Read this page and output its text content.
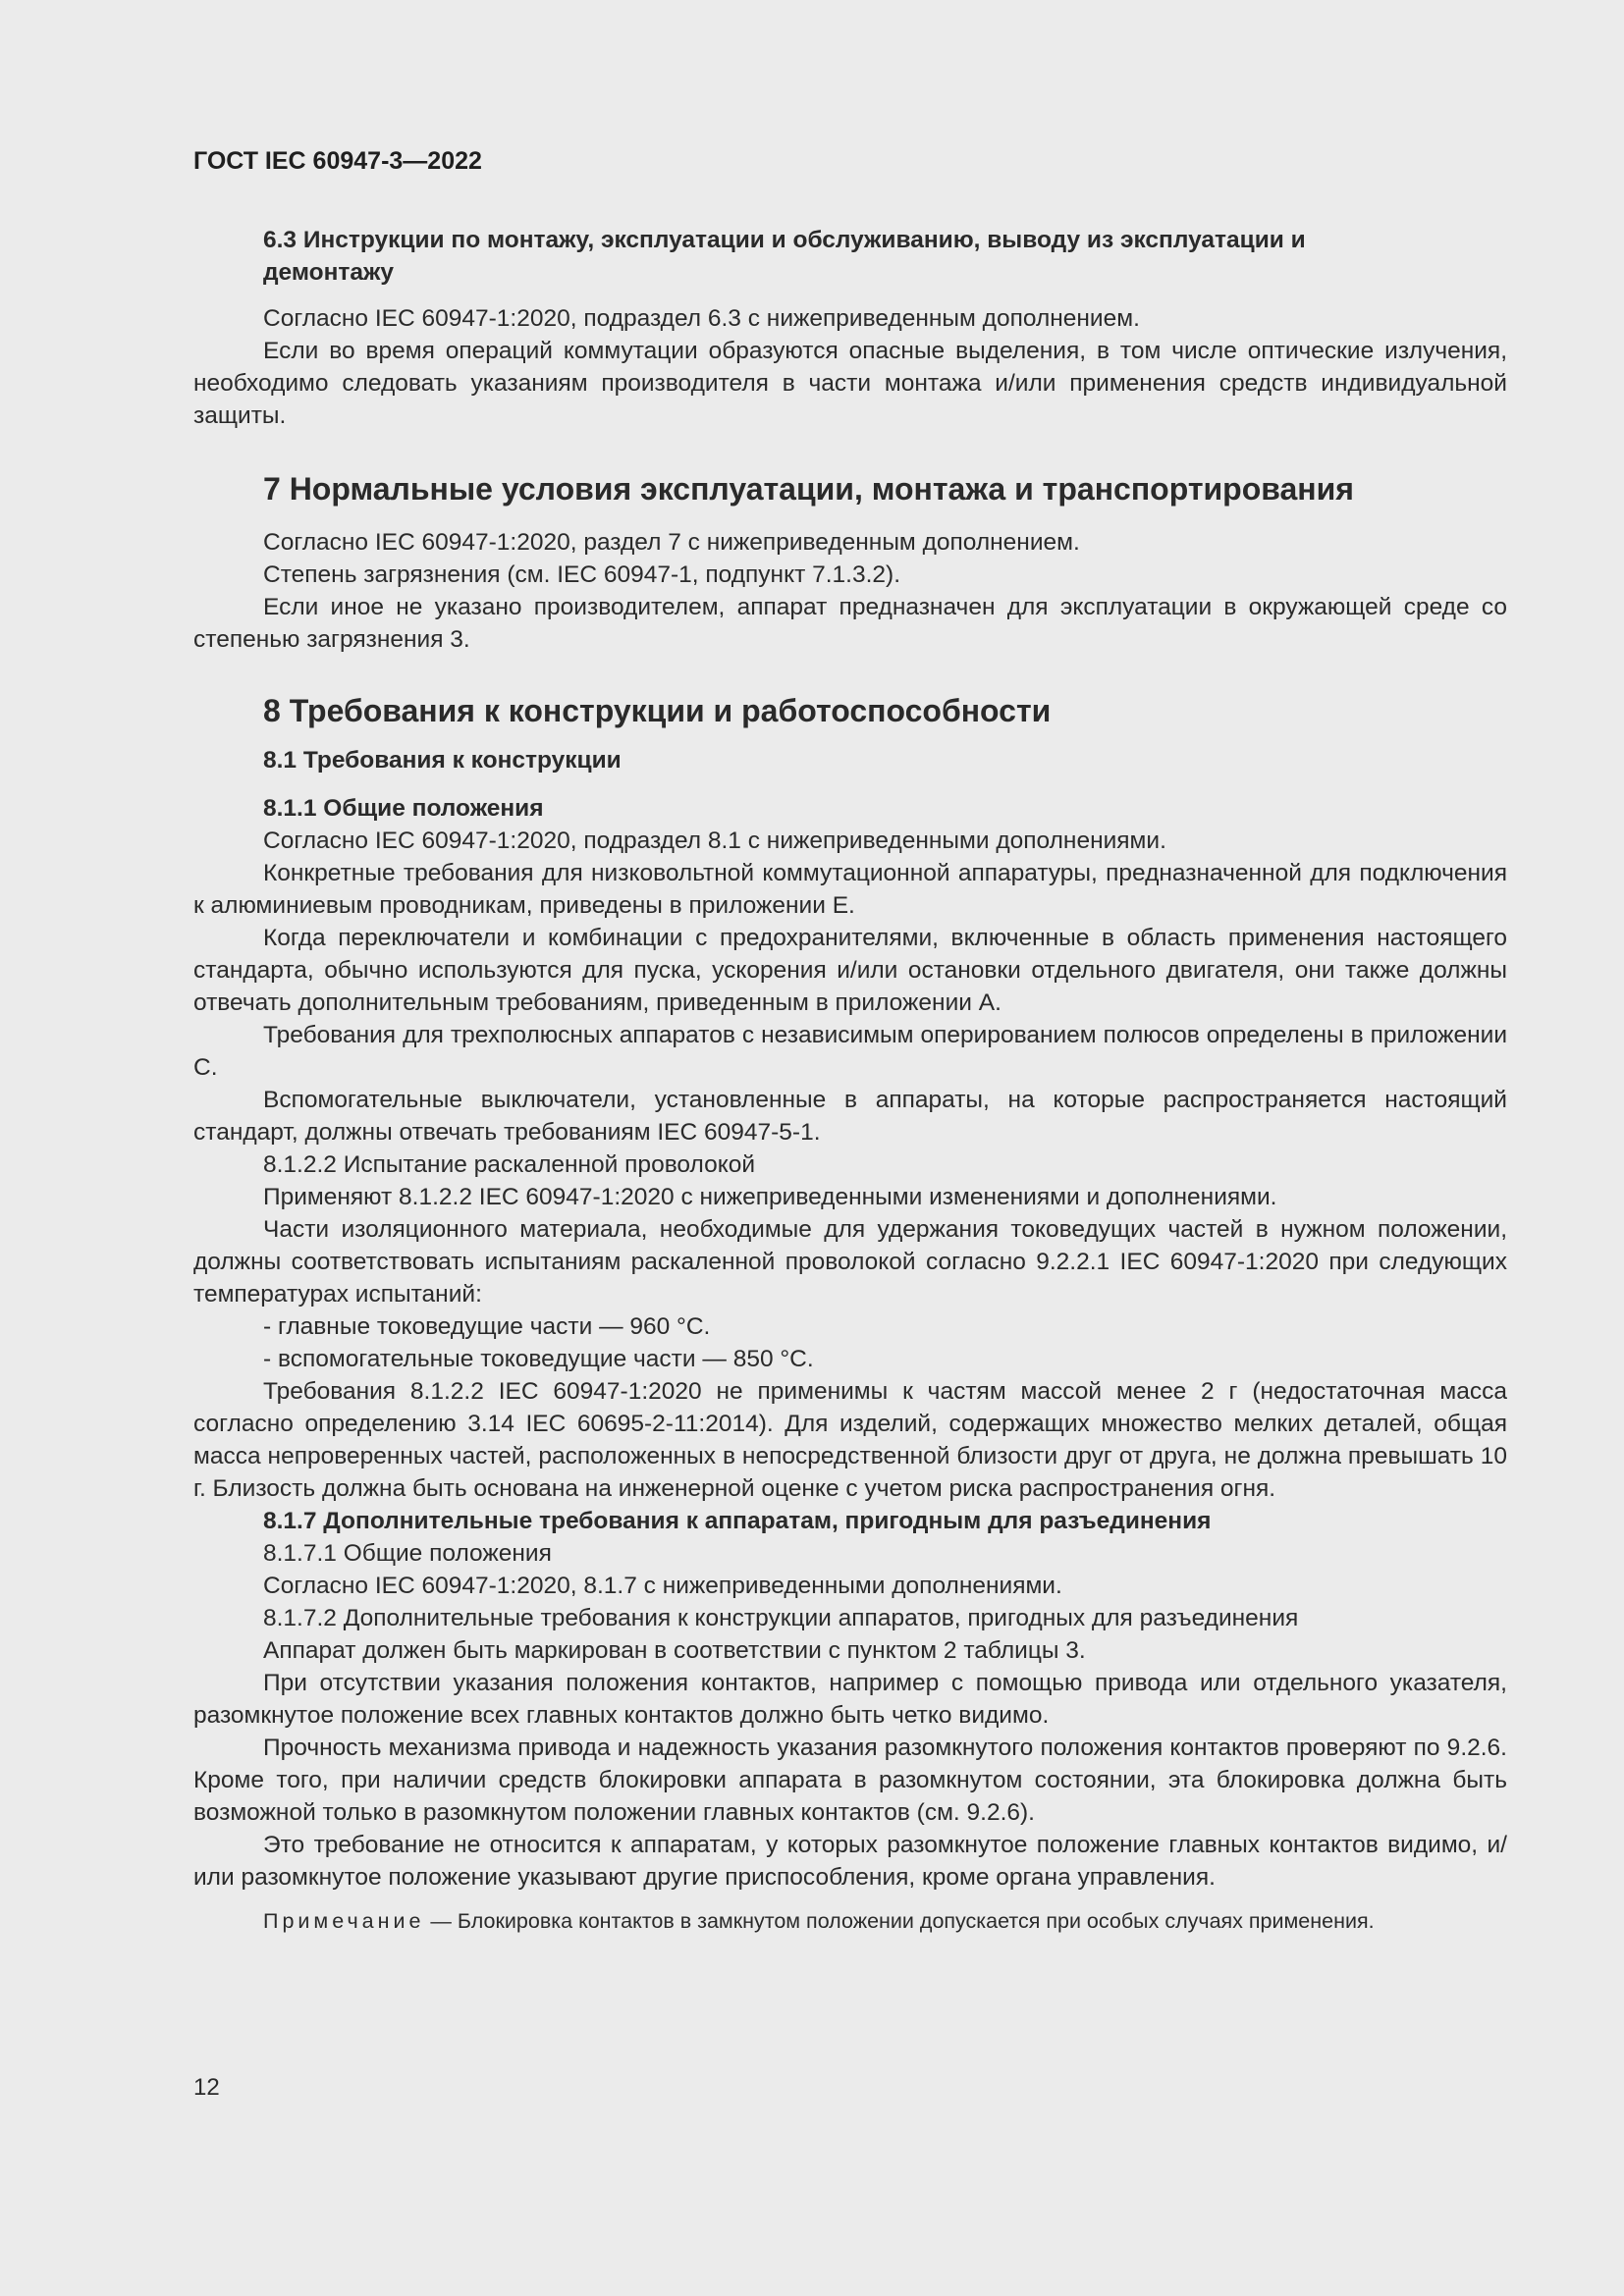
ГОСТ IEC 60947-3—2022
6.3 Инструкции по монтажу, эксплуатации и обслуживанию, выводу из эксплуатации и демонтажу

Согласно IEC 60947-1:2020, подраздел 6.3 с нижеприведенным дополнением.

Если во время операций коммутации образуются опасные выделения, в том числе оптические излучения, необходимо следовать указаниям производителя в части монтажа и/или применения средств индивидуальной защиты.

7 Нормальные условия эксплуатации, монтажа и транспортирования

Согласно IEC 60947-1:2020, раздел 7 с нижеприведенным дополнением.

Степень загрязнения (см. IEC 60947-1, подпункт 7.1.3.2).

Если иное не указано производителем, аппарат предназначен для эксплуатации в окружающей среде со степенью загрязнения 3.

8 Требования к конструкции и работоспособности
8.1 Требования к конструкции
8.1.1 Общие положения

Согласно IEC 60947-1:2020, подраздел 8.1 с нижеприведенными дополнениями.

Конкретные требования для низковольтной коммутационной аппаратуры, предназначенной для подключения к алюминиевым проводникам, приведены в приложении Е.

Когда переключатели и комбинации с предохранителями, включенные в область применения настоящего стандарта, обычно используются для пуска, ускорения и/или остановки отдельного двигателя, они также должны отвечать дополнительным требованиям, приведенным в приложении А.

Требования для трехполюсных аппаратов с независимым оперированием полюсов определены в приложении С.

Вспомогательные выключатели, установленные в аппараты, на которые распространяется настоящий стандарт, должны отвечать требованиям IEC 60947-5-1.

8.1.2.2 Испытание раскаленной проволокой

Применяют 8.1.2.2 IEC 60947-1:2020 с нижеприведенными изменениями и дополнениями.

Части изоляционного материала, необходимые для удержания токоведущих частей в нужном положении, должны соответствовать испытаниям раскаленной проволокой согласно 9.2.2.1 IEC 60947-1:2020 при следующих температурах испытаний:

- главные токоведущие части — 960 °С.

- вспомогательные токоведущие части — 850 °С.

Требования 8.1.2.2 IEC 60947-1:2020 не применимы к частям массой менее 2 г (недостаточная масса согласно определению 3.14 IEC 60695-2-11:2014). Для изделий, содержащих множество мелких деталей, общая масса непроверенных частей, расположенных в непосредственной близости друг от друга, не должна превышать 10 г. Близость должна быть основана на инженерной оценке с учетом риска распространения огня.

8.1.7 Дополнительные требования к аппаратам, пригодным для разъединения

8.1.7.1 Общие положения

Согласно IEC 60947-1:2020, 8.1.7 с нижеприведенными дополнениями.

8.1.7.2 Дополнительные требования к конструкции аппаратов, пригодных для разъединения

Аппарат должен быть маркирован в соответствии с пунктом 2 таблицы 3.

При отсутствии указания положения контактов, например с помощью привода или отдельного указателя, разомкнутое положение всех главных контактов должно быть четко видимо.

Прочность механизма привода и надежность указания разомкнутого положения контактов проверяют по 9.2.6. Кроме того, при наличии средств блокировки аппарата в разомкнутом состоянии, эта блокировка должна быть возможной только в разомкнутом положении главных контактов (см. 9.2.6).

Это требование не относится к аппаратам, у которых разомкнутое положение главных контактов видимо, и/или разомкнутое положение указывают другие приспособления, кроме органа управления.

Примечание — Блокировка контактов в замкнутом положении допускается при особых случаях применения.

12
